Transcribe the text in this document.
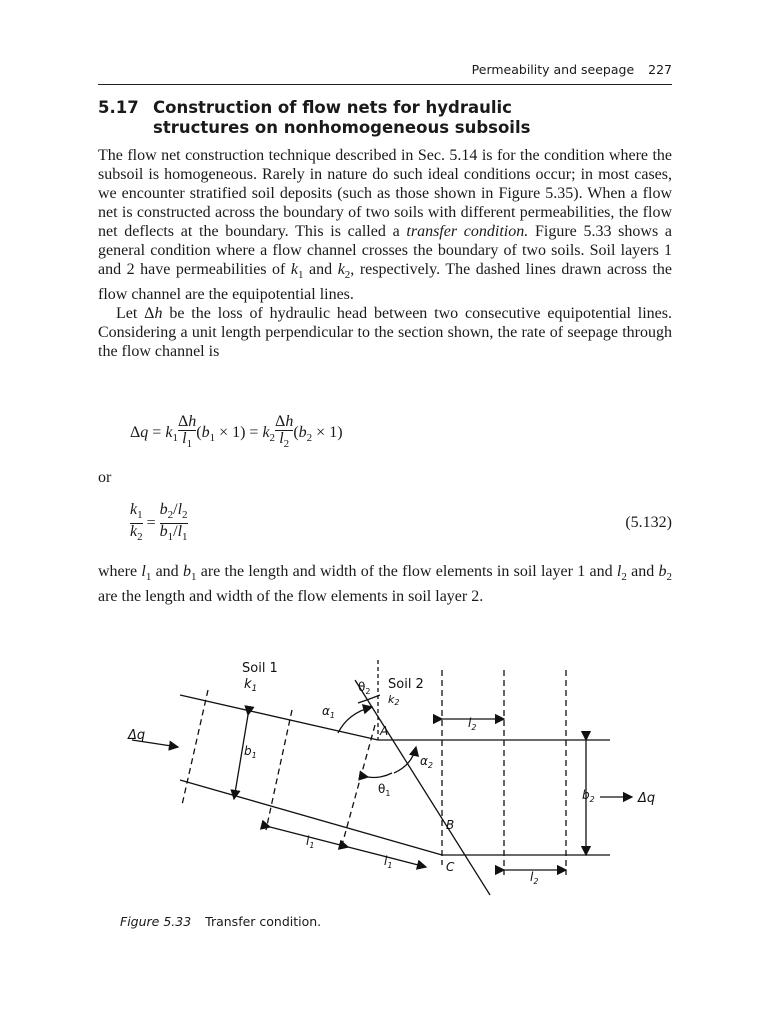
Permeability and seepage 227
5.17 Construction of flow nets for hydraulic
structures on nonhomogeneous subsoils

The flow net construction technique described in Sec. 5.14 is for the condition where the subsoil is homogeneous. Rarely in nature do such ideal conditions occur; in most cases, we encounter stratified soil deposits (such as those shown in Figure 5.35). When a flow net is constructed across the boundary of two soils with different permeabilities, the flow net deflects at the boundary. This is called a transfer condition. Figure 5.33 shows a general condition where a flow channel crosses the boundary of two soils. Soil layers 1 and 2 have permeabilities of $k_1$ and $k_2$, respectively. The dashed lines drawn across the flow channel are the equipotential lines.

Let Δh be the loss of hydraulic head between two consecutive equipotential lines. Considering a unit length perpendicular to the section shown, the rate of seepage through the flow channel is

$\Delta q = k_1 \frac{\Delta h}{l_1} (b_1 \times 1) = k_2 \frac{\Delta h}{l_2} (b_2 \times 1)$
or
$\frac{k_1}{k_2} = \frac{b_2/l_2}{b_1/l_1}$	(5.132)

where $l_1$ and $b_1$ are the length and width of the flow elements in soil layer 1 and $l_2$ and $b_2$ are the length and width of the flow elements in soil layer 2.

Soil 1
$k_1$	Soil 2
k2
$\theta_2$
$\alpha_1$
A
$\alpha_2$
$\theta_1$
$b_1$
$b_2$
$l_2$
$l_2$
$l_1$
$l_1$
B
C
Δq
Δq
Figure 5.33 Transfer condition.
